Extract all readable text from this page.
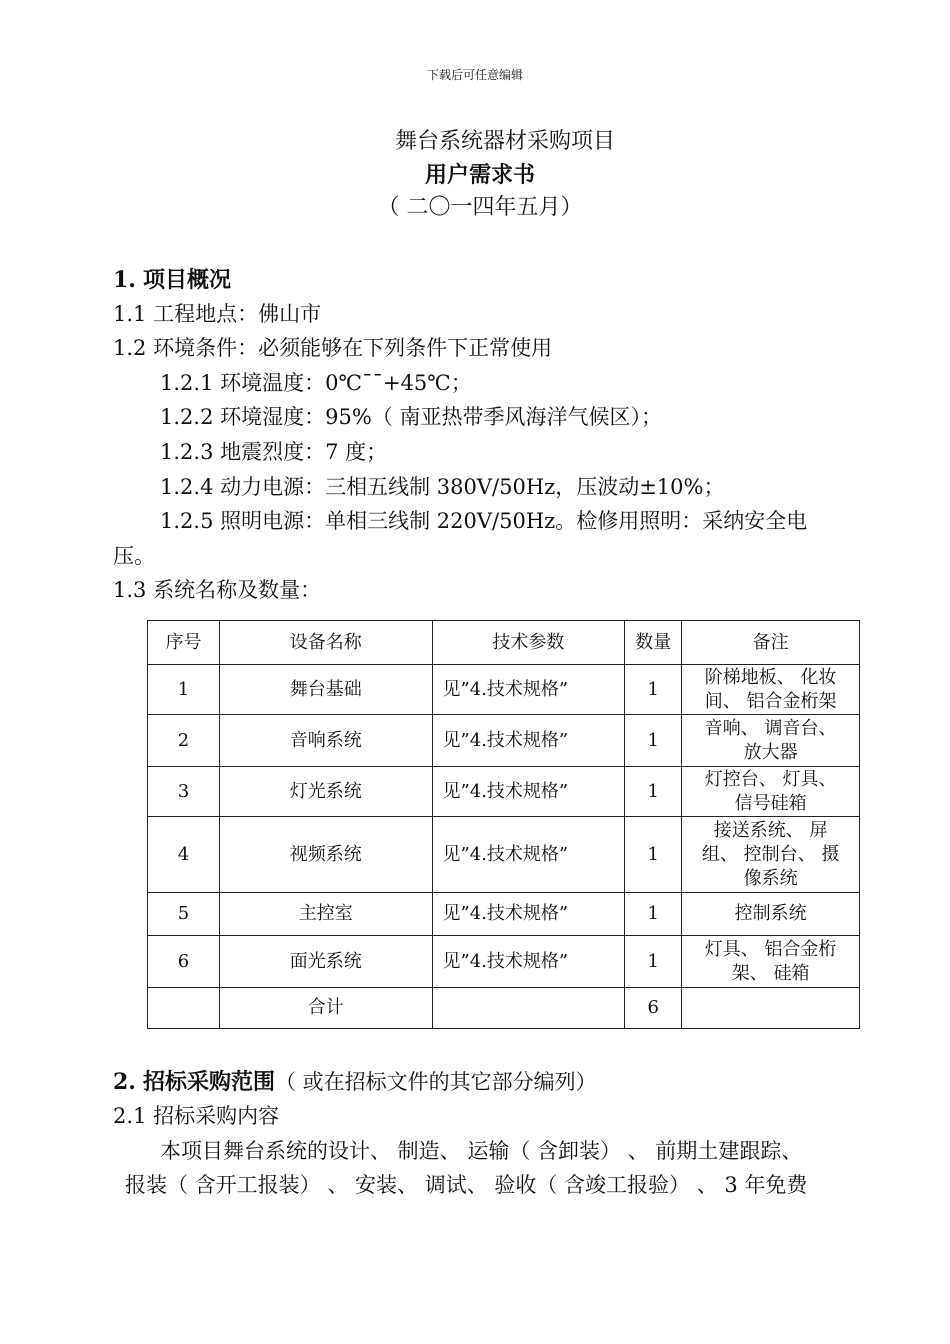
下载后可任意编辑
舞台系统器材采购项目
用户需求书
（ 二〇一四年五月）
1. 项目概况
1.1 工程地点：佛山市
1.2 环境条件：必须能够在下列条件下正常使用
1.2.1 环境温度：0℃¯¯+45℃；
1.2.2 环境湿度：95%（ 南亚热带季风海洋气候区）；
1.2.3 地震烈度：7 度；
1.2.4 动力电源：三相五线制 380V/50Hz，压波动±10%；
1.2.5 照明电源：单相三线制 220V/50Hz。检修用照明：采纳安全电
压。
1.3 系统名称及数量：
序号	设备名称	技术参数	数量	备注
1	舞台基础	见”4.技术规格”	1	阶梯地板、 化妆
间、 铝合金桁架

2	音响系统	见”4.技术规格”	1	音响、 调音台、
放大器

3	灯光系统	见”4.技术规格”	1	灯控台、 灯具、
信号硅箱

4	视频系统	见”4.技术规格”	1	接送系统、 屏
组、 控制台、 摄
像系统

5	主控室	见”4.技术规格”	1	控制系统

6	面光系统	见”4.技术规格”	1	灯具、 铝合金桁
架、 硅箱

	合计		6	
2. 招标采购范围（ 或在招标文件的其它部分编列）
2.1 招标采购内容
本项目舞台系统的设计、 制造、 运输（ 含卸装） 、 前期土建跟踪、
报装（ 含开工报装） 、 安装、 调试、 验收（ 含竣工报验） 、 3 年免费
